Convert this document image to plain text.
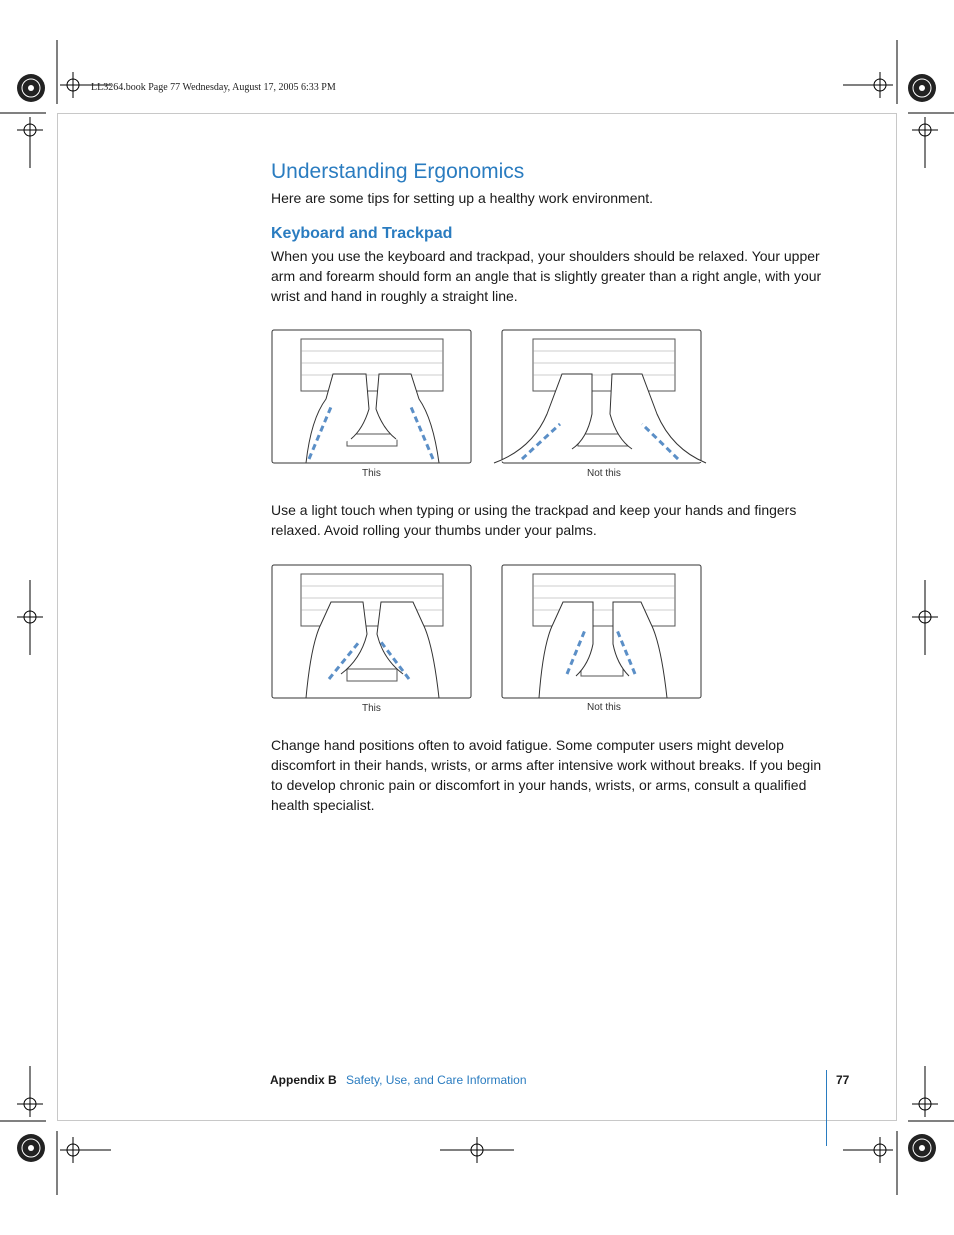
LL3264.book Page 77 Wednesday, August 17, 2005 6:33 PM
Understanding Ergonomics
Here are some tips for setting up a healthy work environment.
Keyboard and Trackpad

When you use the keyboard and trackpad, your shoulders should be relaxed. Your upper arm and forearm should form an angle that is slightly greater than a right angle, with your wrist and hand in roughly a straight line.

This	Not this

Use a light touch when typing or using the trackpad and keep your hands and fingers relaxed. Avoid rolling your thumbs under your palms.

This	Not this

Change hand positions often to avoid fatigue. Some computer users might develop discomfort in their hands, wrists, or arms after intensive work without breaks. If you begin to develop chronic pain or discomfort in your hands, wrists, or arms, consult a qualified health specialist.

Appendix B Safety, Use, and Care Information	77
